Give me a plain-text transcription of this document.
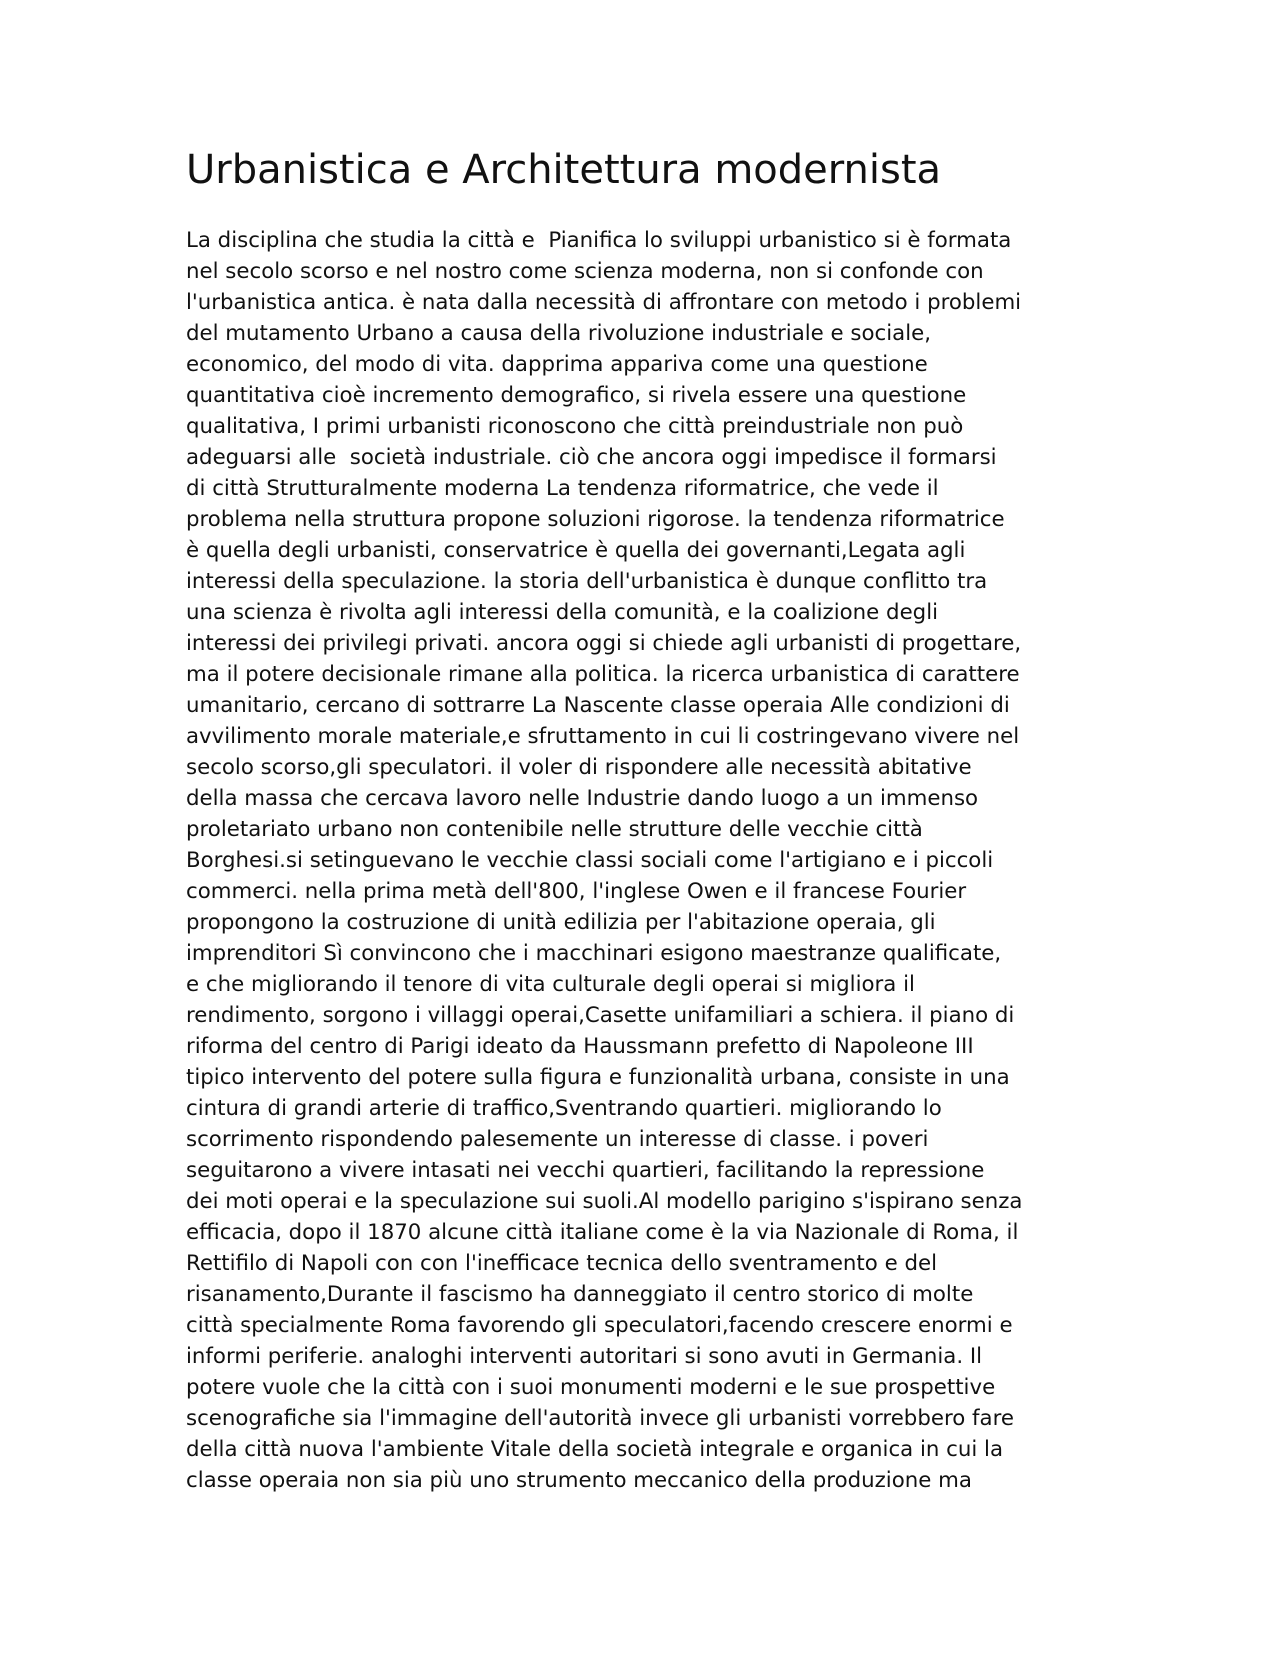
Urbanistica e Architettura modernista
La disciplina che studia la città e  Pianifica lo sviluppi urbanistico si è formata
nel secolo scorso e nel nostro come scienza moderna, non si confonde con
l'urbanistica antica. è nata dalla necessità di affrontare con metodo i problemi
del mutamento Urbano a causa della rivoluzione industriale e sociale,
economico, del modo di vita. dapprima appariva come una questione
quantitativa cioè incremento demografico, si rivela essere una questione
qualitativa, I primi urbanisti riconoscono che città preindustriale non può
adeguarsi alle  società industriale. ciò che ancora oggi impedisce il formarsi
di città Strutturalmente moderna La tendenza riformatrice, che vede il
problema nella struttura propone soluzioni rigorose. la tendenza riformatrice
è quella degli urbanisti, conservatrice è quella dei governanti,Legata agli
interessi della speculazione. la storia dell'urbanistica è dunque conflitto tra
una scienza è rivolta agli interessi della comunità, e la coalizione degli
interessi dei privilegi privati. ancora oggi si chiede agli urbanisti di progettare,
ma il potere decisionale rimane alla politica. la ricerca urbanistica di carattere
umanitario, cercano di sottrarre La Nascente classe operaia Alle condizioni di
avvilimento morale materiale,e sfruttamento in cui li costringevano vivere nel
secolo scorso,gli speculatori. il voler di rispondere alle necessità abitative
della massa che cercava lavoro nelle Industrie dando luogo a un immenso
proletariato urbano non contenibile nelle strutture delle vecchie città
Borghesi.si setinguevano le vecchie classi sociali come l'artigiano e i piccoli
commerci. nella prima metà dell'800, l'inglese Owen e il francese Fourier
propongono la costruzione di unità edilizia per l'abitazione operaia, gli
imprenditori Sì convincono che i macchinari esigono maestranze qualificate,
e che migliorando il tenore di vita culturale degli operai si migliora il
rendimento, sorgono i villaggi operai,Casette unifamiliari a schiera. il piano di
riforma del centro di Parigi ideato da Haussmann prefetto di Napoleone III
tipico intervento del potere sulla figura e funzionalità urbana, consiste in una
cintura di grandi arterie di traffico,Sventrando quartieri. migliorando lo
scorrimento rispondendo palesemente un interesse di classe. i poveri
seguitarono a vivere intasati nei vecchi quartieri, facilitando la repressione
dei moti operai e la speculazione sui suoli.Al modello parigino s'ispirano senza
efficacia, dopo il 1870 alcune città italiane come è la via Nazionale di Roma, il
Rettifilo di Napoli con con l'inefficace tecnica dello sventramento e del
risanamento,Durante il fascismo ha danneggiato il centro storico di molte
città specialmente Roma favorendo gli speculatori,facendo crescere enormi e
informi periferie. analoghi interventi autoritari si sono avuti in Germania. Il
potere vuole che la città con i suoi monumenti moderni e le sue prospettive
scenografiche sia l'immagine dell'autorità invece gli urbanisti vorrebbero fare
della città nuova l'ambiente Vitale della società integrale e organica in cui la
classe operaia non sia più uno strumento meccanico della produzione ma
